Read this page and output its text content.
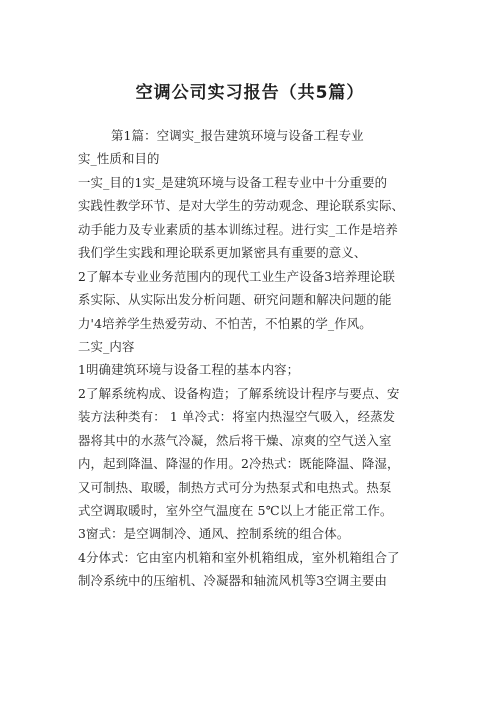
空调公司实习报告（共5篇）
第1篇：空调实_报告建筑环境与设备工程专业
实_性质和目的
一实_目的1实_是建筑环境与设备工程专业中十分重要的
实践性教学环节、是对大学生的劳动观念、理论联系实际、
动手能力及专业素质的基本训练过程。进行实_工作是培养
我们学生实践和理论联系更加紧密具有重要的意义、
2了解本专业业务范围内的现代工业生产设备3培养理论联
系实际、从实际出发分析问题、研究问题和解决问题的能
力'4培养学生热爱劳动、不怕苦，不怕累的学_作风。
二实_内容
1明确建筑环境与设备工程的基本内容；
2了解系统构成、设备构造；了解系统设计程序与要点、安
装方法种类有： 1 单冷式：将室内热湿空气吸入，经蒸发
器将其中的水蒸气冷凝，然后将干燥、凉爽的空气送入室
内，起到降温、降湿的作用。2冷热式：既能降温、降湿，
又可制热、取暖，制热方式可分为热泵式和电热式。热泵
式空调取暖时，室外空气温度在 5℃以上才能正常工作。
3窗式：是空调制冷、通风、控制系统的组合体。
4分体式：它由室内机箱和室外机箱组成，室外机箱组合了
制冷系统中的压缩机、冷凝器和轴流风机等3空调主要由
